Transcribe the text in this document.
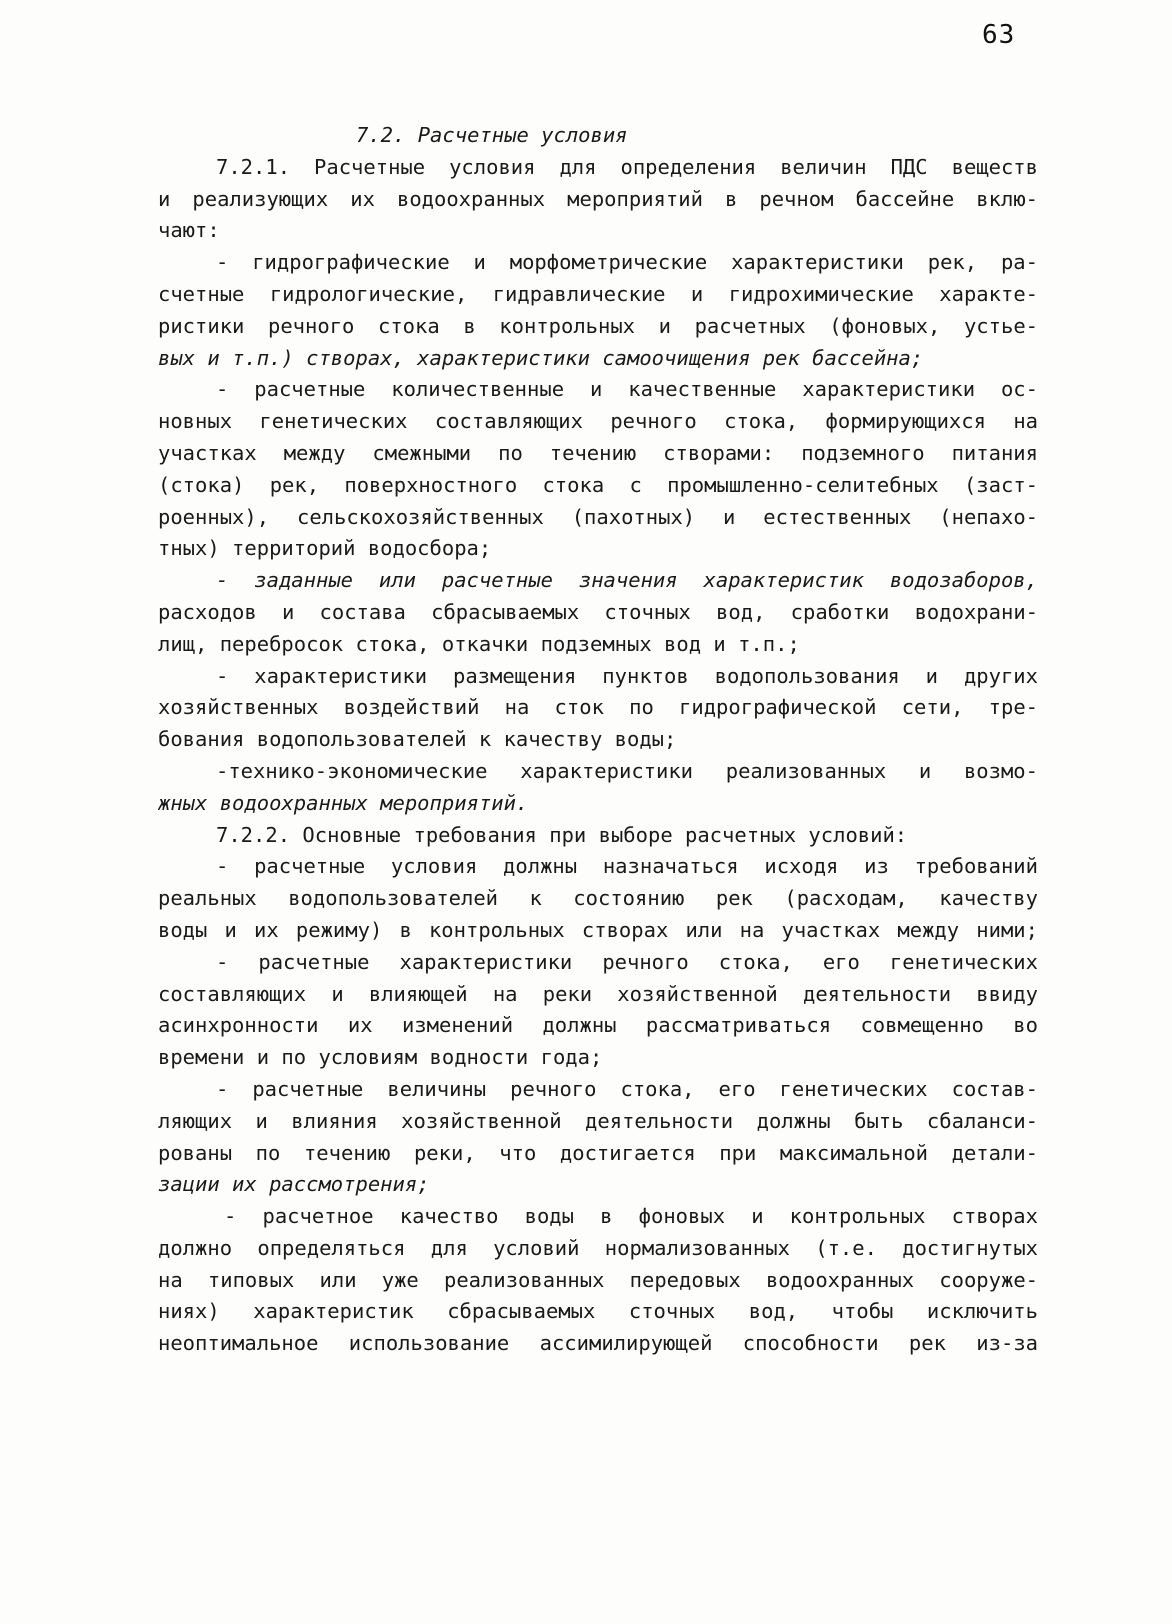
63
7.2. Расчетные условия
7.2.1. Расчетные условия для определения величин ПДС веществ
и реализующих их водоохранных мероприятий в речном бассейне вклю-
чают:
- гидрографические и морфометрические характеристики рек, ра-
счетные гидрологические, гидравлические и гидрохимические характе-
ристики речного стока в контрольных и расчетных (фоновых, устье-
вых и т.п.) створах, характеристики самоочищения рек бассейна;
- расчетные количественные и качественные характеристики ос-
новных генетических составляющих речного стока, формирующихся на
участках между смежными по течению створами: подземного питания
(стока) рек, поверхностного стока с промышленно-селитебных (заст-
роенных), сельскохозяйственных (пахотных) и естественных (непахо-
тных) территорий водосбора;
- заданные или расчетные значения характеристик водозаборов,
расходов и состава сбрасываемых сточных вод, сработки водохрани-
лищ, перебросок стока, откачки подземных вод и т.п.;
- характеристики размещения пунктов водопользования и других
хозяйственных воздействий на сток по гидрографической сети, тре-
бования водопользователей к качеству воды;
-технико-экономические характеристики реализованных и возмо-
жных водоохранных мероприятий.
7.2.2. Основные требования при выборе расчетных условий:
- расчетные условия должны назначаться исходя из требований
реальных водопользователей к состоянию рек (расходам, качеству
воды и их режиму) в контрольных створах или на участках между ними;
- расчетные характеристики речного стока, его генетических
составляющих и влияющей на реки хозяйственной деятельности ввиду
асинхронности их изменений должны рассматриваться совмещенно во
времени и по условиям водности года;
- расчетные величины речного стока, его генетических состав-
ляющих и влияния хозяйственной деятельности должны быть сбаланси-
рованы по течению реки, что достигается при максимальной детали-
зации их рассмотрения;
- расчетное качество воды в фоновых и контрольных створах
должно определяться для условий нормализованных (т.е. достигнутых
на типовых или уже реализованных передовых водоохранных сооруже-
ниях) характеристик сбрасываемых сточных вод, чтобы исключить
неоптимальное использование ассимилирующей способности рек из-за
